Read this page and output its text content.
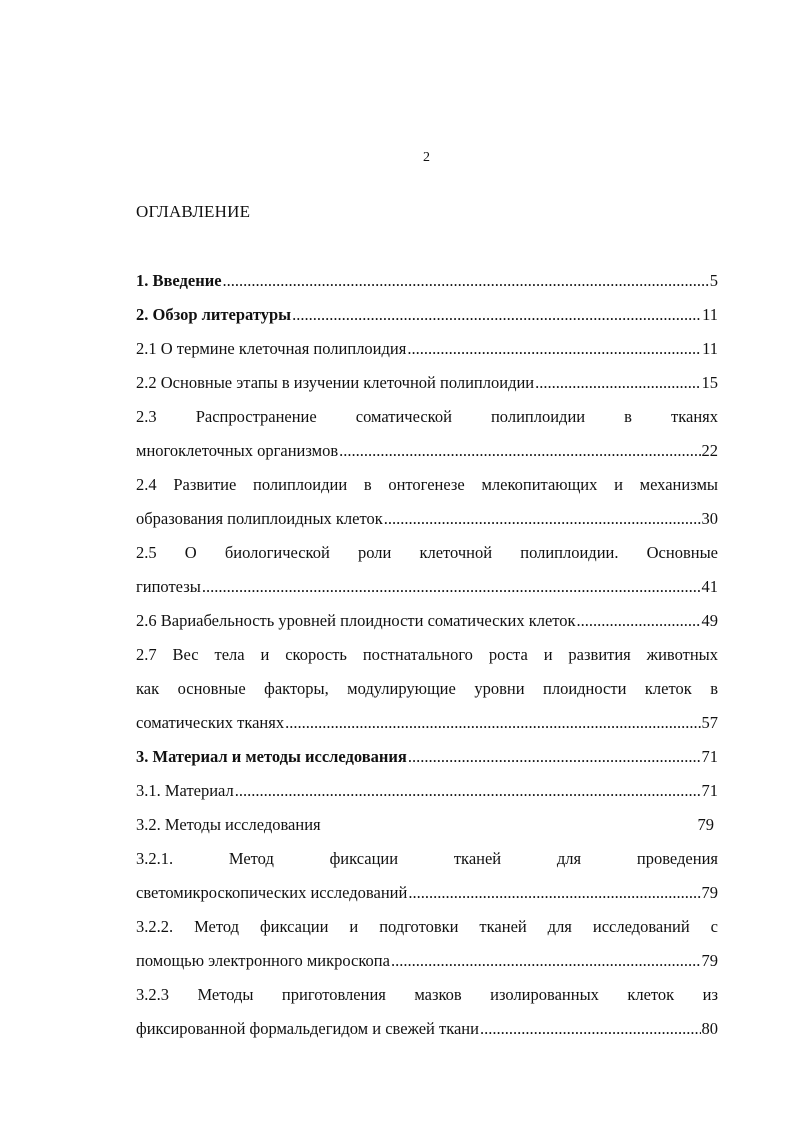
2
ОГЛАВЛЕНИЕ
1. Введение .....	5
2. Обзор литературы .....	11
2.1 О термине клеточная полиплоидия .....	11
2.2 Основные этапы в изучении клеточной полиплоидии .....	15
2.3 Распространение соматической полиплоидии в тканях
многоклеточных организмов .....	22
2.4 Развитие полиплоидии в онтогенезе млекопитающих и механизмы
образования полиплоидных клеток .....	30
2.5 О биологической роли клеточной полиплоидии. Основные
гипотезы .....	41
2.6 Вариабельность уровней плоидности соматических клеток .....	49
2.7 Вес тела и скорость постнатального роста и развития животных
как основные факторы, модулирующие уровни плоидности клеток в
соматических тканях .....	57
3. Материал и методы исследования .....	71
3.1. Материал .....	71
3.2. Методы исследования	79
3.2.1. Метод фиксации тканей для проведения
светомикроскопических исследований .....	79
3.2.2. Метод фиксации и подготовки тканей для исследований с
помощью электронного микроскопа .....	79
3.2.3 Методы приготовления мазков изолированных клеток из
фиксированной формальдегидом и свежей ткани .....	80
